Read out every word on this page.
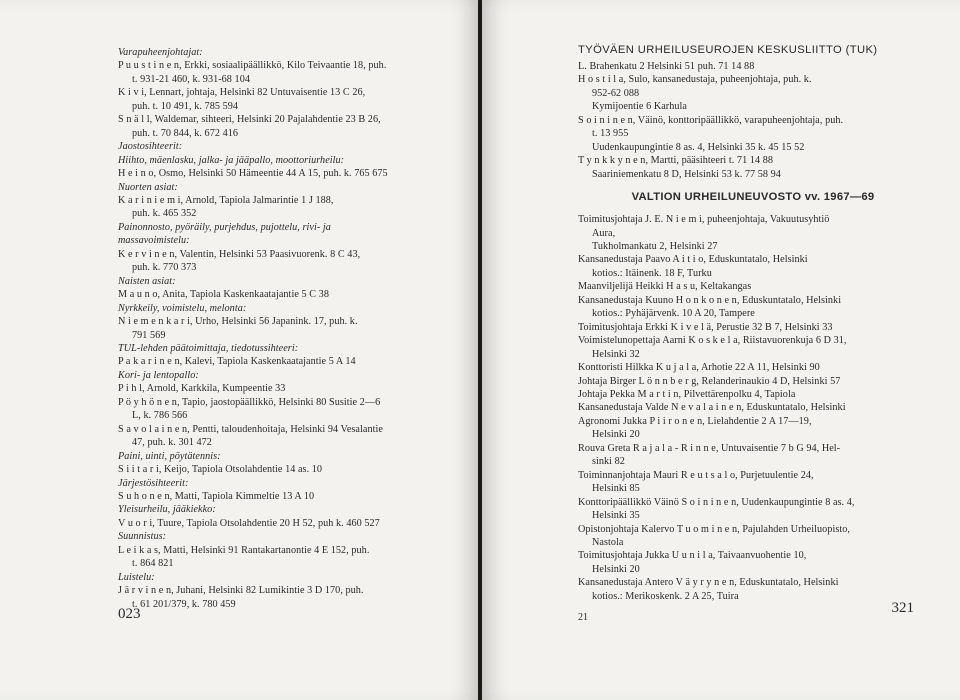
Varapuheenjohtajat:
P u u s t i n e n, Erkki, sosiaalipäällikkö, Kilo Teivaantie 18, puh.
t. 931-21 460, k. 931-68 104
K i v i, Lennart, johtaja, Helsinki 82 Untuvaisentie 13 C 26,
puh. t. 10 491, k. 785 594
S n ä l l, Waldemar, sihteeri, Helsinki 20 Pajalahdentie 23 B 26,
puh. t. 70 844, k. 672 416
Jaostosihteerit:
Hiihto, mäenlasku, jalka- ja jääpallo, moottoriurheilu:
H e i n o, Osmo, Helsinki 50 Hämeentie 44 A 15, puh. k. 765 675
Nuorten asiat:
K a r i n i e m i, Arnold, Tapiola Jalmarintie 1 J 188,
puh. k. 465 352
Painonnosto, pyöräily, purjehdus, pujottelu, rivi- ja
massavoimistelu:
K e r v i n e n, Valentin, Helsinki 53 Paasivuorenk. 8 C 43,
puh. k. 770 373
Naisten asiat:
M a u n o, Anita, Tapiola Kaskenkaatajantie 5 C 38
Nyrkkeily, voimistelu, melonta:
N i e m e n k a r i, Urho, Helsinki 56 Japanink. 17, puh. k.
791 569
TUL-lehden päätoimittaja, tiedotussihteeri:
P a k a r i n e n, Kalevi, Tapiola Kaskenkaatajantie 5 A 14
Kori- ja lentopallo:
P i h l, Arnold, Karkkila, Kumpeentie 33
P ö y h ö n e n, Tapio, jaostopäällikkö, Helsinki 80 Susitie 2—6
L, k. 786 566
S a v o l a i n e n, Pentti, taloudenhoitaja, Helsinki 94 Vesalantie
47, puh. k. 301 472
Paini, uinti, pöytätennis:
S i i t a r i, Keijo, Tapiola Otsolahdentie 14 as. 10
Järjestösihteerit:
S u h o n e n, Matti, Tapiola Kimmeltie 13 A 10
Yleisurheilu, jääkiekko:
V u o r i, Tuure, Tapiola Otsolahdentie 20 H 52, puh k. 460 527
Suunnistus:
L e i k a s, Matti, Helsinki 91 Rantakartanontie 4 E 152, puh.
t. 864 821
Luistelu:
J ä r v i n e n, Juhani, Helsinki 82 Lumikintie 3 D 170, puh.
t. 61 201/379, k. 780 459
023
TYÖVÄEN URHEILUSEUROJEN KESKUSLIITTO (TUK)
L. Brahenkatu 2 Helsinki 51 puh. 71 14 88
H o s t i l a, Sulo, kansanedustaja, puheenjohtaja, puh. k.
952-62 088
Kymijoentie 6 Karhula
S o i n i n e n, Väinö, konttoripäällikkö, varapuheenjohtaja, puh.
t. 13 955
Uudenkaupungintie 8 as. 4, Helsinki 35 k. 45 15 52
T y n k k y n e n, Martti, pääsihteeri t. 71 14 88
Saariniemenkatu 8 D, Helsinki 53 k. 77 58 94
VALTION URHEILUNEUVOSTO vv. 1967—69
Toimitusjohtaja J. E. N i e m i, puheenjohtaja, Vakuutusyhtiö
Aura,
Tukholmankatu 2, Helsinki 27
Kansanedustaja Paavo A i t i o, Eduskuntatalo, Helsinki
kotios.: Itäinenk. 18 F, Turku
Maanviljelijä Heikki H a s u, Keltakangas
Kansanedustaja Kuuno H o n k o n e n, Eduskuntatalo, Helsinki
kotios.: Pyhäjärvenk. 10 A 20, Tampere
Toimitusjohtaja Erkki K i v e l ä, Perustie 32 B 7, Helsinki 33
Voimistelunopettaja Aarni K o s k e l a, Riistavuorenkuja 6 D 31,
Helsinki 32
Konttoristi Hilkka K u j a l a, Arhotie 22 A 11, Helsinki 90
Johtaja Birger L ö n n b e r g, Relanderinaukio 4 D, Helsinki 57
Johtaja Pekka M a r t i n, Pilvettärenpolku 4, Tapiola
Kansanedustaja Valde N e v a l a i n e n, Eduskuntatalo, Helsinki
Agronomi Jukka P i i r o n e n, Lielahdentie 2 A 17—19,
Helsinki 20
Rouva Greta R a j a l a - R i n n e, Untuvaisentie 7 b G 94, Hel-
sinki 82
Toiminnanjohtaja Mauri R e u t s a l o, Purjetuulentie 24,
Helsinki 85
Konttoripäällikkö Väinö S o i n i n e n, Uudenkaupungintie 8 as. 4,
Helsinki 35
Opistonjohtaja Kalervo T u o m i n e n, Pajulahden Urheiluopisto,
Nastola
Toimitusjohtaja Jukka U u n i l a, Taivaanvuohentie 10,
Helsinki 20
Kansanedustaja Antero V ä y r y n e n, Eduskuntatalo, Helsinki
kotios.: Merikoskenk. 2 A 25, Tuira
21
321
